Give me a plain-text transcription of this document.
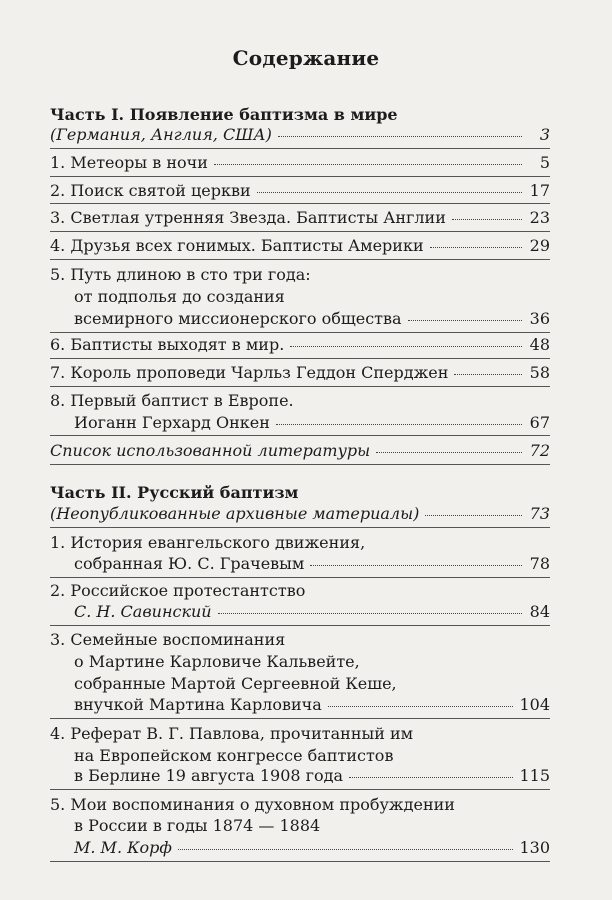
Содержание
Часть I. Появление баптизма в мире
(Германия, Англия, США)	3
1. Метеоры в ночи	5
2. Поиск святой церкви	17
3. Светлая утренняя Звезда. Баптисты Англии	23
4. Друзья всех гонимых. Баптисты Америки	29
5. Путь длиною в сто три года:
от подполья до создания
всемирного миссионерского общества	36
6. Баптисты выходят в мир.	48
7. Король проповеди Чарльз Геддон Сперджен	58
8. Первый баптист в Европе.
Иоганн Герхард Онкен	67
Список использованной литературы	72
Часть II. Русский баптизм
(Неопубликованные архивные материалы)	73
1. История евангельского движения,
собранная Ю. С. Грачевым	78
2. Российское протестантство
С. Н. Савинский	84
3. Семейные воспоминания
о Мартине Карловиче Кальвейте,
собранные Мартой Сергеевной Кеше,
внучкой Мартина Карловича	104
4. Реферат В. Г. Павлова, прочитанный им
на Европейском конгрессе баптистов
в Берлине 19 августа 1908 года	115
5. Мои воспоминания о духовном пробуждении
в России в годы 1874 — 1884
М. М. Корф	130
